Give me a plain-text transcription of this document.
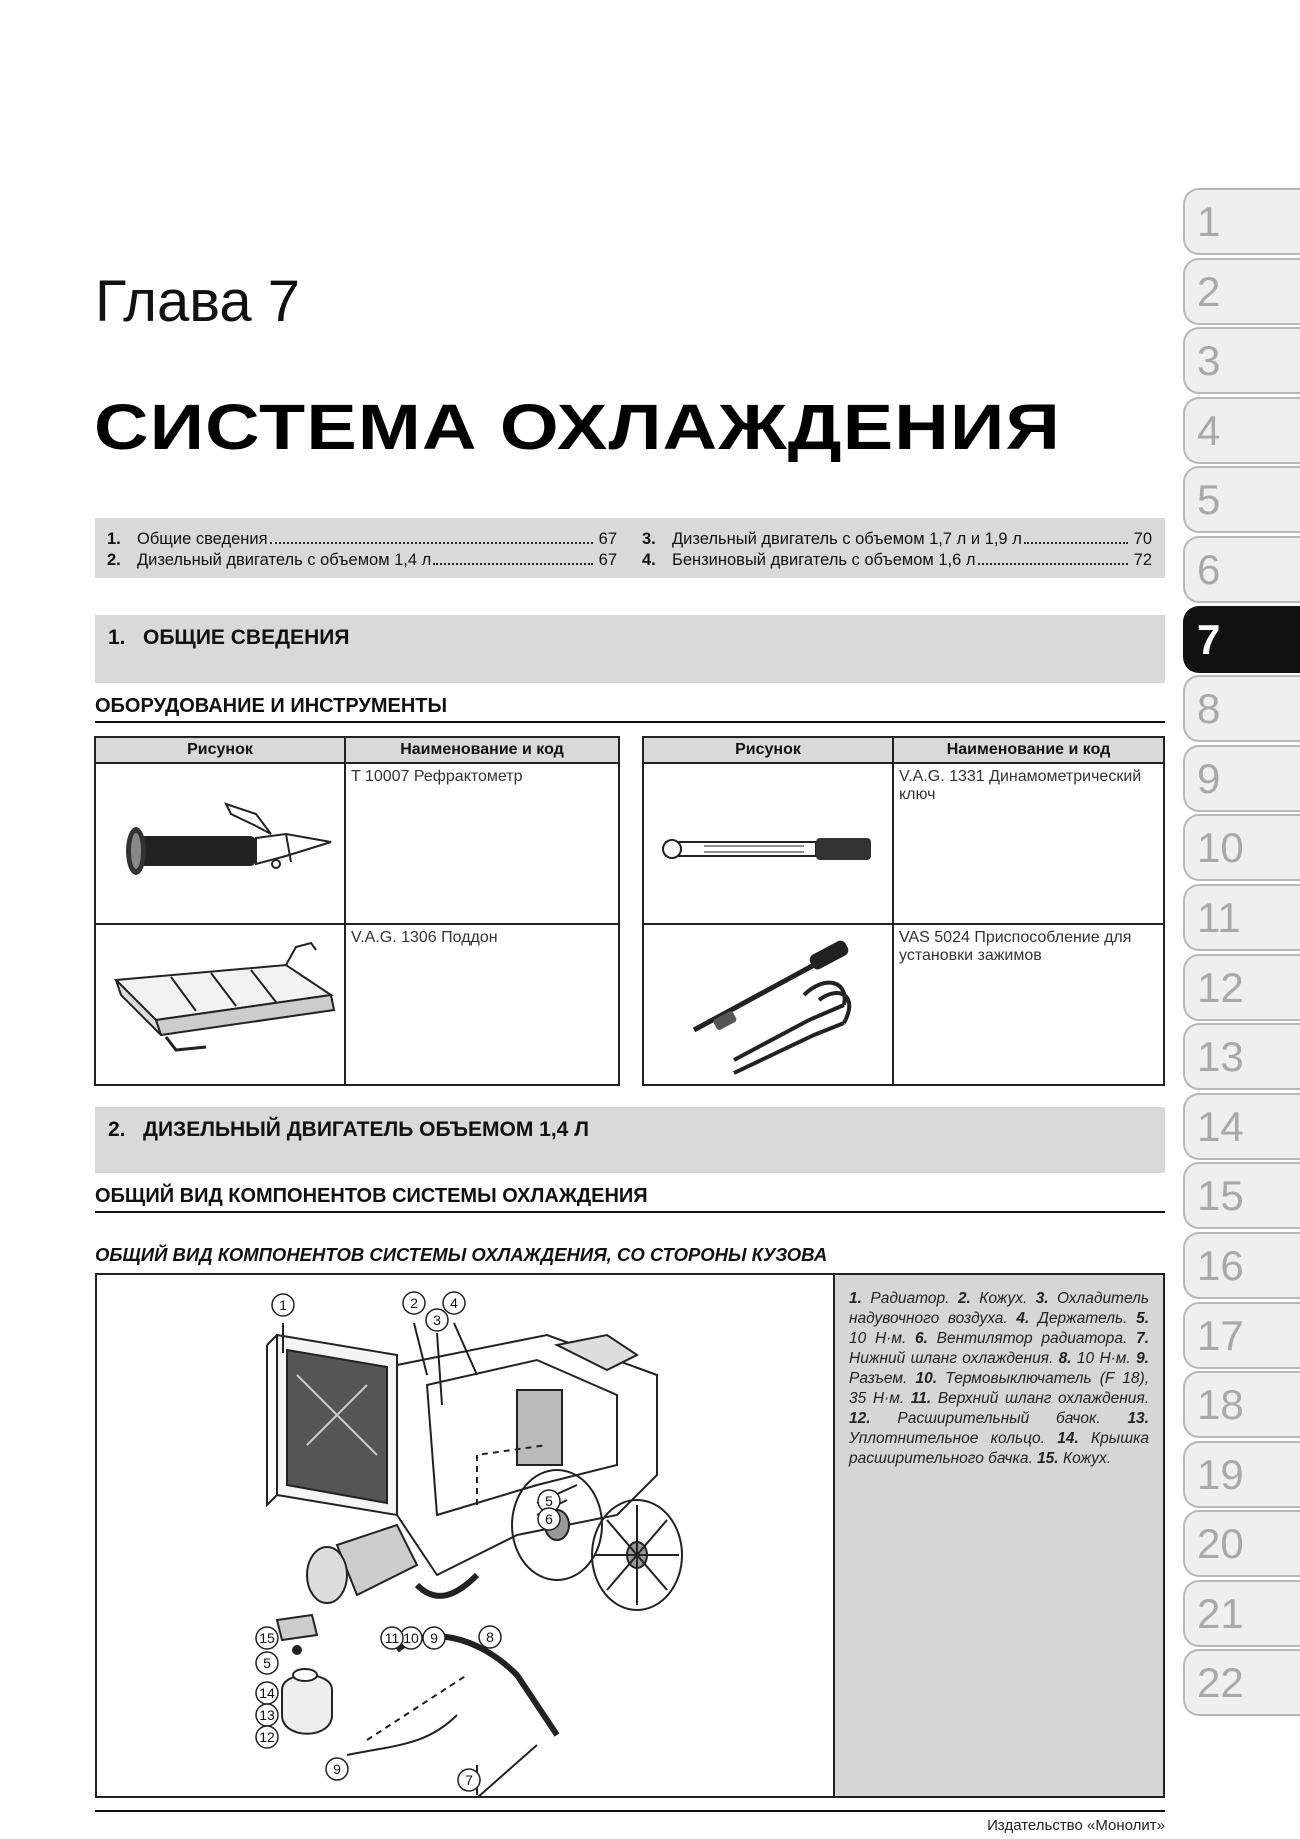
1
2
3
4
5
6
7
8
9
10
11
12
13
14
15
16
17
18
19
20
21
22
Глава 7
СИСТЕМА ОХЛАЖДЕНИЯ
1. Общие сведения	67
2. Дизельный двигатель с объемом 1,4 л	67
3. Дизельный двигатель с объемом 1,7 л и 1,9 л	70
4. Бензиновый двигатель с объемом 1,6 л	72
1. ОБЩИЕ СВЕДЕНИЯ
ОБОРУДОВАНИЕ И ИНСТРУМЕНТЫ
Рисунок	Наименование и код
	T 10007 Рефрактометр
	V.A.G. 1306 Поддон
Рисунок	Наименование и код
	V.A.G. 1331 Динамометрический ключ
	VAS 5024 Приспособление для установки зажимов
2. ДИЗЕЛЬНЫЙ ДВИГАТЕЛЬ ОБЪЕМОМ 1,4 Л
ОБЩИЙ ВИД КОМПОНЕНТОВ СИСТЕМЫ ОХЛАЖДЕНИЯ
ОБЩИЙ ВИД КОМПОНЕНТОВ СИСТЕМЫ ОХЛАЖДЕНИЯ, СО СТОРОНЫ КУЗОВА
1	2
3
4
5
6
7
8
9
10
11
15
5
14
13
12
9
1. Радиатор. 2. Кожух. 3. Охладитель надувочного воздуха. 4. Держатель. 5. 10 Н·м. 6. Вентилятор радиатора. 7. Нижний шланг охлаждения. 8. 10 Н·м. 9. Разъем. 10. Термовыключатель (F 18), 35 Н·м. 11. Верхний шланг охлаждения. 12. Расширительный бачок. 13. Уплотнительное кольцо. 14. Крышка расширительного бачка. 15. Кожух.
Издательство «Монолит»
